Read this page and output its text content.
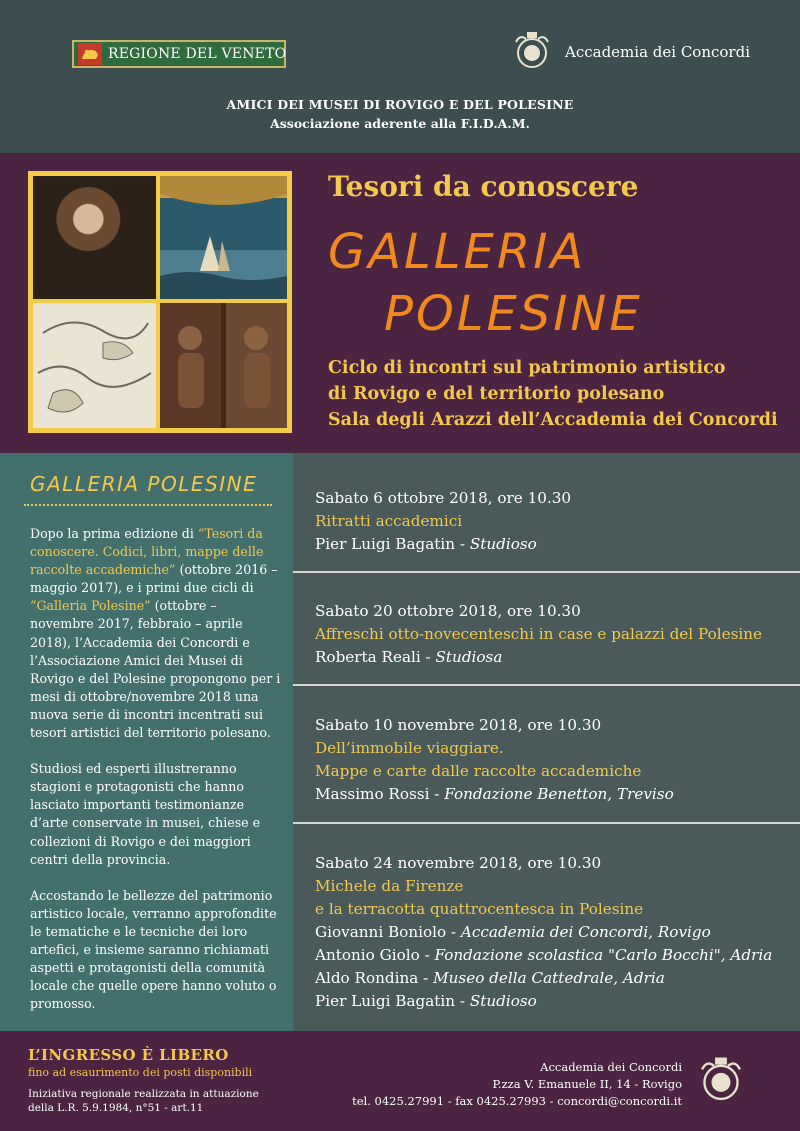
REGIONE DEL VENETO	Accademia dei Concordi
AMICI DEI MUSEI DI ROVIGO E DEL POLESINE
Associazione aderente alla F.I.D.A.M.
Tesori da conoscere
GALLERIA
POLESINE
Ciclo di incontri sul patrimonio artistico
di Rovigo e del territorio polesano
Sala degli Arazzi dell’Accademia dei Concordi
GALLERIA POLESINE

Dopo la prima edizione di “Tesori da conoscere. Codici, libri, mappe delle raccolte accademiche” (ottobre 2016 – maggio 2017), e i primi due cicli di “Galleria Polesine” (ottobre – novembre 2017, febbraio – aprile 2018), l’Accademia dei Concordi e l’Associazione Amici dei Musei di Rovigo e del Polesine propongono per i mesi di ottobre/novembre 2018 una nuova serie di incontri incentrati sui tesori artistici del territorio polesano.

Studiosi ed esperti illustreranno stagioni e protagonisti che hanno lasciato importanti testimonianze d’arte conservate in musei, chiese e collezioni di Rovigo e dei maggiori centri della provincia.

Accostando le bellezze del patrimonio artistico locale, verranno approfondite le tematiche e le tecniche dei loro artefici, e insieme saranno richiamati aspetti e protagonisti della comunità locale che quelle opere hanno voluto o promosso.

Sabato 6 ottobre 2018, ore 10.30
Ritratti accademici
Pier Luigi Bagatin - Studioso
Sabato 20 ottobre 2018, ore 10.30
Affreschi otto-novecenteschi in case e palazzi del Polesine
Roberta Reali - Studiosa
Sabato 10 novembre 2018, ore 10.30
Dell’immobile viaggiare.
Mappe e carte dalle raccolte accademiche
Massimo Rossi - Fondazione Benetton, Treviso
Sabato 24 novembre 2018, ore 10.30
Michele da Firenze
e la terracotta quattrocentesca in Polesine
Giovanni Boniolo - Accademia dei Concordi, Rovigo
Antonio Giolo - Fondazione scolastica "Carlo Bocchi", Adria
Aldo Rondina - Museo della Cattedrale, Adria
Pier Luigi Bagatin - Studioso
L’INGRESSO È LIBERO
fino ad esaurimento dei posti disponibili
Iniziativa regionale realizzata in attuazione
della L.R. 5.9.1984, n°51 - art.11
Accademia dei Concordi
P.zza V. Emanuele II, 14 - Rovigo
tel. 0425.27991 - fax 0425.27993 - concordi@concordi.it
